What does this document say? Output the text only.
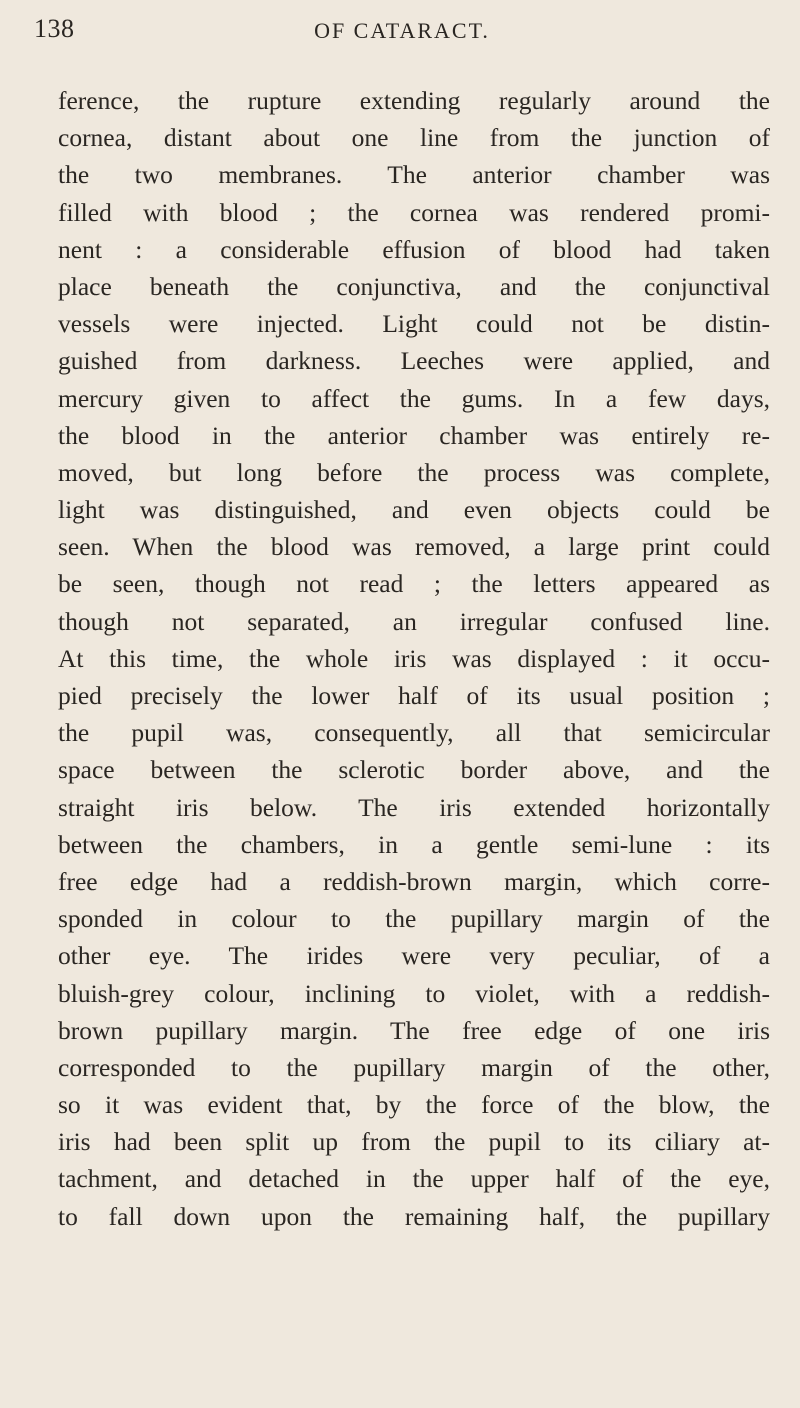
138	OF CATARACT.
ference, the rupture extending regularly around the
cornea, distant about one line from the junction of
the two membranes. The anterior chamber was
filled with blood ; the cornea was rendered promi-
nent : a considerable effusion of blood had taken
place beneath the conjunctiva, and the conjunctival
vessels were injected. Light could not be distin-
guished from darkness. Leeches were applied, and
mercury given to affect the gums. In a few days,
the blood in the anterior chamber was entirely re-
moved, but long before the process was complete,
light was distinguished, and even objects could be
seen. When the blood was removed, a large print could
be seen, though not read ; the letters appeared as
though not separated, an irregular confused line.
At this time, the whole iris was displayed : it occu-
pied precisely the lower half of its usual position ;
the pupil was, consequently, all that semicircular
space between the sclerotic border above, and the
straight iris below. The iris extended horizontally
between the chambers, in a gentle semi-lune : its
free edge had a reddish-brown margin, which corre-
sponded in colour to the pupillary margin of the
other eye. The irides were very peculiar, of a
bluish-grey colour, inclining to violet, with a reddish-
brown pupillary margin. The free edge of one iris
corresponded to the pupillary margin of the other,
so it was evident that, by the force of the blow, the
iris had been split up from the pupil to its ciliary at-
tachment, and detached in the upper half of the eye,
to fall down upon the remaining half, the pupillary
